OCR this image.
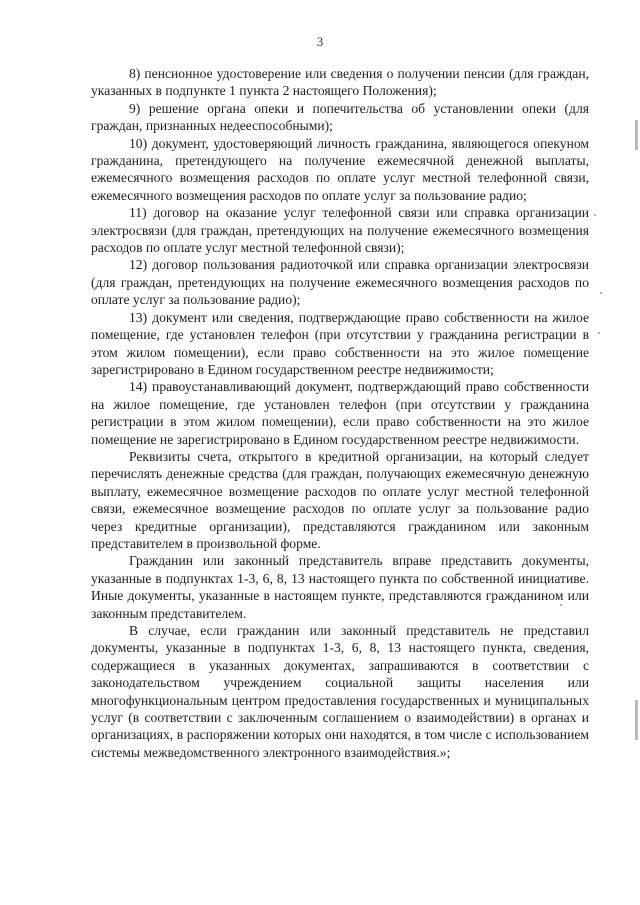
3

8) пенсионное удостоверение или сведения о получении пенсии (для граждан, указанных в подпункте 1 пункта 2 настоящего Положения);

9) решение органа опеки и попечительства об установлении опеки (для граждан, признанных недееспособными);

10) документ, удостоверяющий личность гражданина, являющегося опекуном гражданина, претендующего на получение ежемесячной денежной выплаты, ежемесячного возмещения расходов по оплате услуг местной телефонной связи, ежемесячного возмещения расходов по оплате услуг за пользование радио;

11) договор на оказание услуг телефонной связи или справка организации электросвязи (для граждан, претендующих на получение ежемесячного возмещения расходов по оплате услуг местной телефонной связи);

12) договор пользования радиоточкой или справка организации электросвязи (для граждан, претендующих на получение ежемесячного возмещения расходов по оплате услуг за пользование радио);

13) документ или сведения, подтверждающие право собственности на жилое помещение, где установлен телефон (при отсутствии у гражданина регистрации в этом жилом помещении), если право собственности на это жилое помещение зарегистрировано в Едином государственном реестре недвижимости;

14) правоустанавливающий документ, подтверждающий право собственности на жилое помещение, где установлен телефон (при отсутствии у гражданина регистрации в этом жилом помещении), если право собственности на это жилое помещение не зарегистрировано в Едином государственном реестре недвижимости.

Реквизиты счета, открытого в кредитной организации, на который следует перечислять денежные средства (для граждан, получающих ежемесячную денежную выплату, ежемесячное возмещение расходов по оплате услуг местной телефонной связи, ежемесячное возмещение расходов по оплате услуг за пользование радио через кредитные организации), представляются гражданином или законным представителем в произвольной форме.

Гражданин или законный представитель вправе представить документы, указанные в подпунктах 1-3, 6, 8, 13 настоящего пункта по собственной инициативе. Иные документы, указанные в настоящем пункте, представляются гражданином или законным представителем.

В случае, если гражданин или законный представитель не представил документы, указанные в подпунктах 1-3, 6, 8, 13 настоящего пункта, сведения, содержащиеся в указанных документах, запрашиваются в соответствии с законодательством учреждением социальной защиты населения или многофункциональным центром предоставления государственных и муниципальных услуг (в соответствии с заключенным соглашением о взаимодействии) в органах и организациях, в распоряжении которых они находятся, в том числе с использованием системы межведомственного электронного взаимодействия.»;
